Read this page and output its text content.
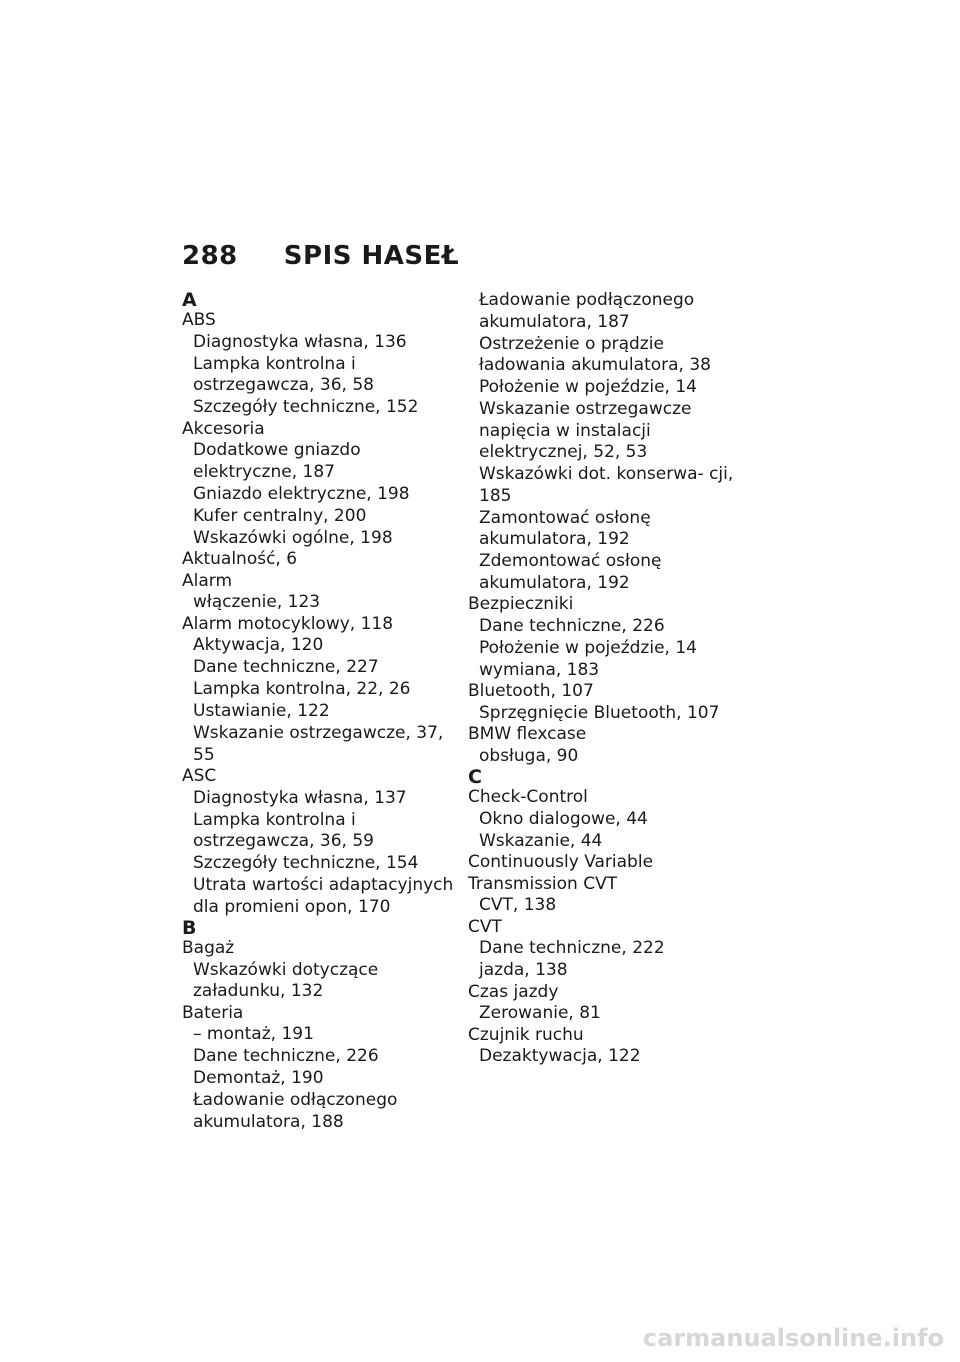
288 SPIS HASEŁ
A
ABS
Diagnostyka własna, 136
Lampka kontrolna i ostrzegawcza, 36, 58
Szczegóły techniczne, 152
Akcesoria
Dodatkowe gniazdo elektryczne, 187
Gniazdo elektryczne, 198
Kufer centralny, 200
Wskazówki ogólne, 198
Aktualność, 6
Alarm
włączenie, 123
Alarm motocyklowy, 118
Aktywacja, 120
Dane techniczne, 227
Lampka kontrolna, 22, 26
Ustawianie, 122
Wskazanie ostrzegawcze, 37, 55
ASC
Diagnostyka własna, 137
Lampka kontrolna i ostrzegawcza, 36, 59
Szczegóły techniczne, 154
Utrata wartości adaptacyjnych dla promieni opon, 170
B
Bagaż
Wskazówki dotyczące załadunku, 132
Bateria
– montaż, 191
Dane techniczne, 226
Demontaż, 190
Ładowanie odłączonego akumulatora, 188
Ładowanie podłączonego akumulatora, 187
Ostrzeżenie o prądzie ładowania akumulatora, 38
Położenie w pojeździe, 14
Wskazanie ostrzegawcze napięcia w instalacji elektrycznej, 52, 53
Wskazówki dot. konserwa- cji, 185
Zamontować osłonę akumulatora, 192
Zdemontować osłonę akumulatora, 192
Bezpieczniki
Dane techniczne, 226
Położenie w pojeździe, 14
wymiana, 183
Bluetooth, 107
Sprzęgnięcie Bluetooth, 107
BMW flexcase
obsługa, 90
C
Check-Control
Okno dialogowe, 44
Wskazanie, 44
Continuously Variable Transmission CVT
CVT, 138
CVT
Dane techniczne, 222
jazda, 138
Czas jazdy
Zerowanie, 81
Czujnik ruchu
Dezaktywacja, 122
carmanualsonline.info
